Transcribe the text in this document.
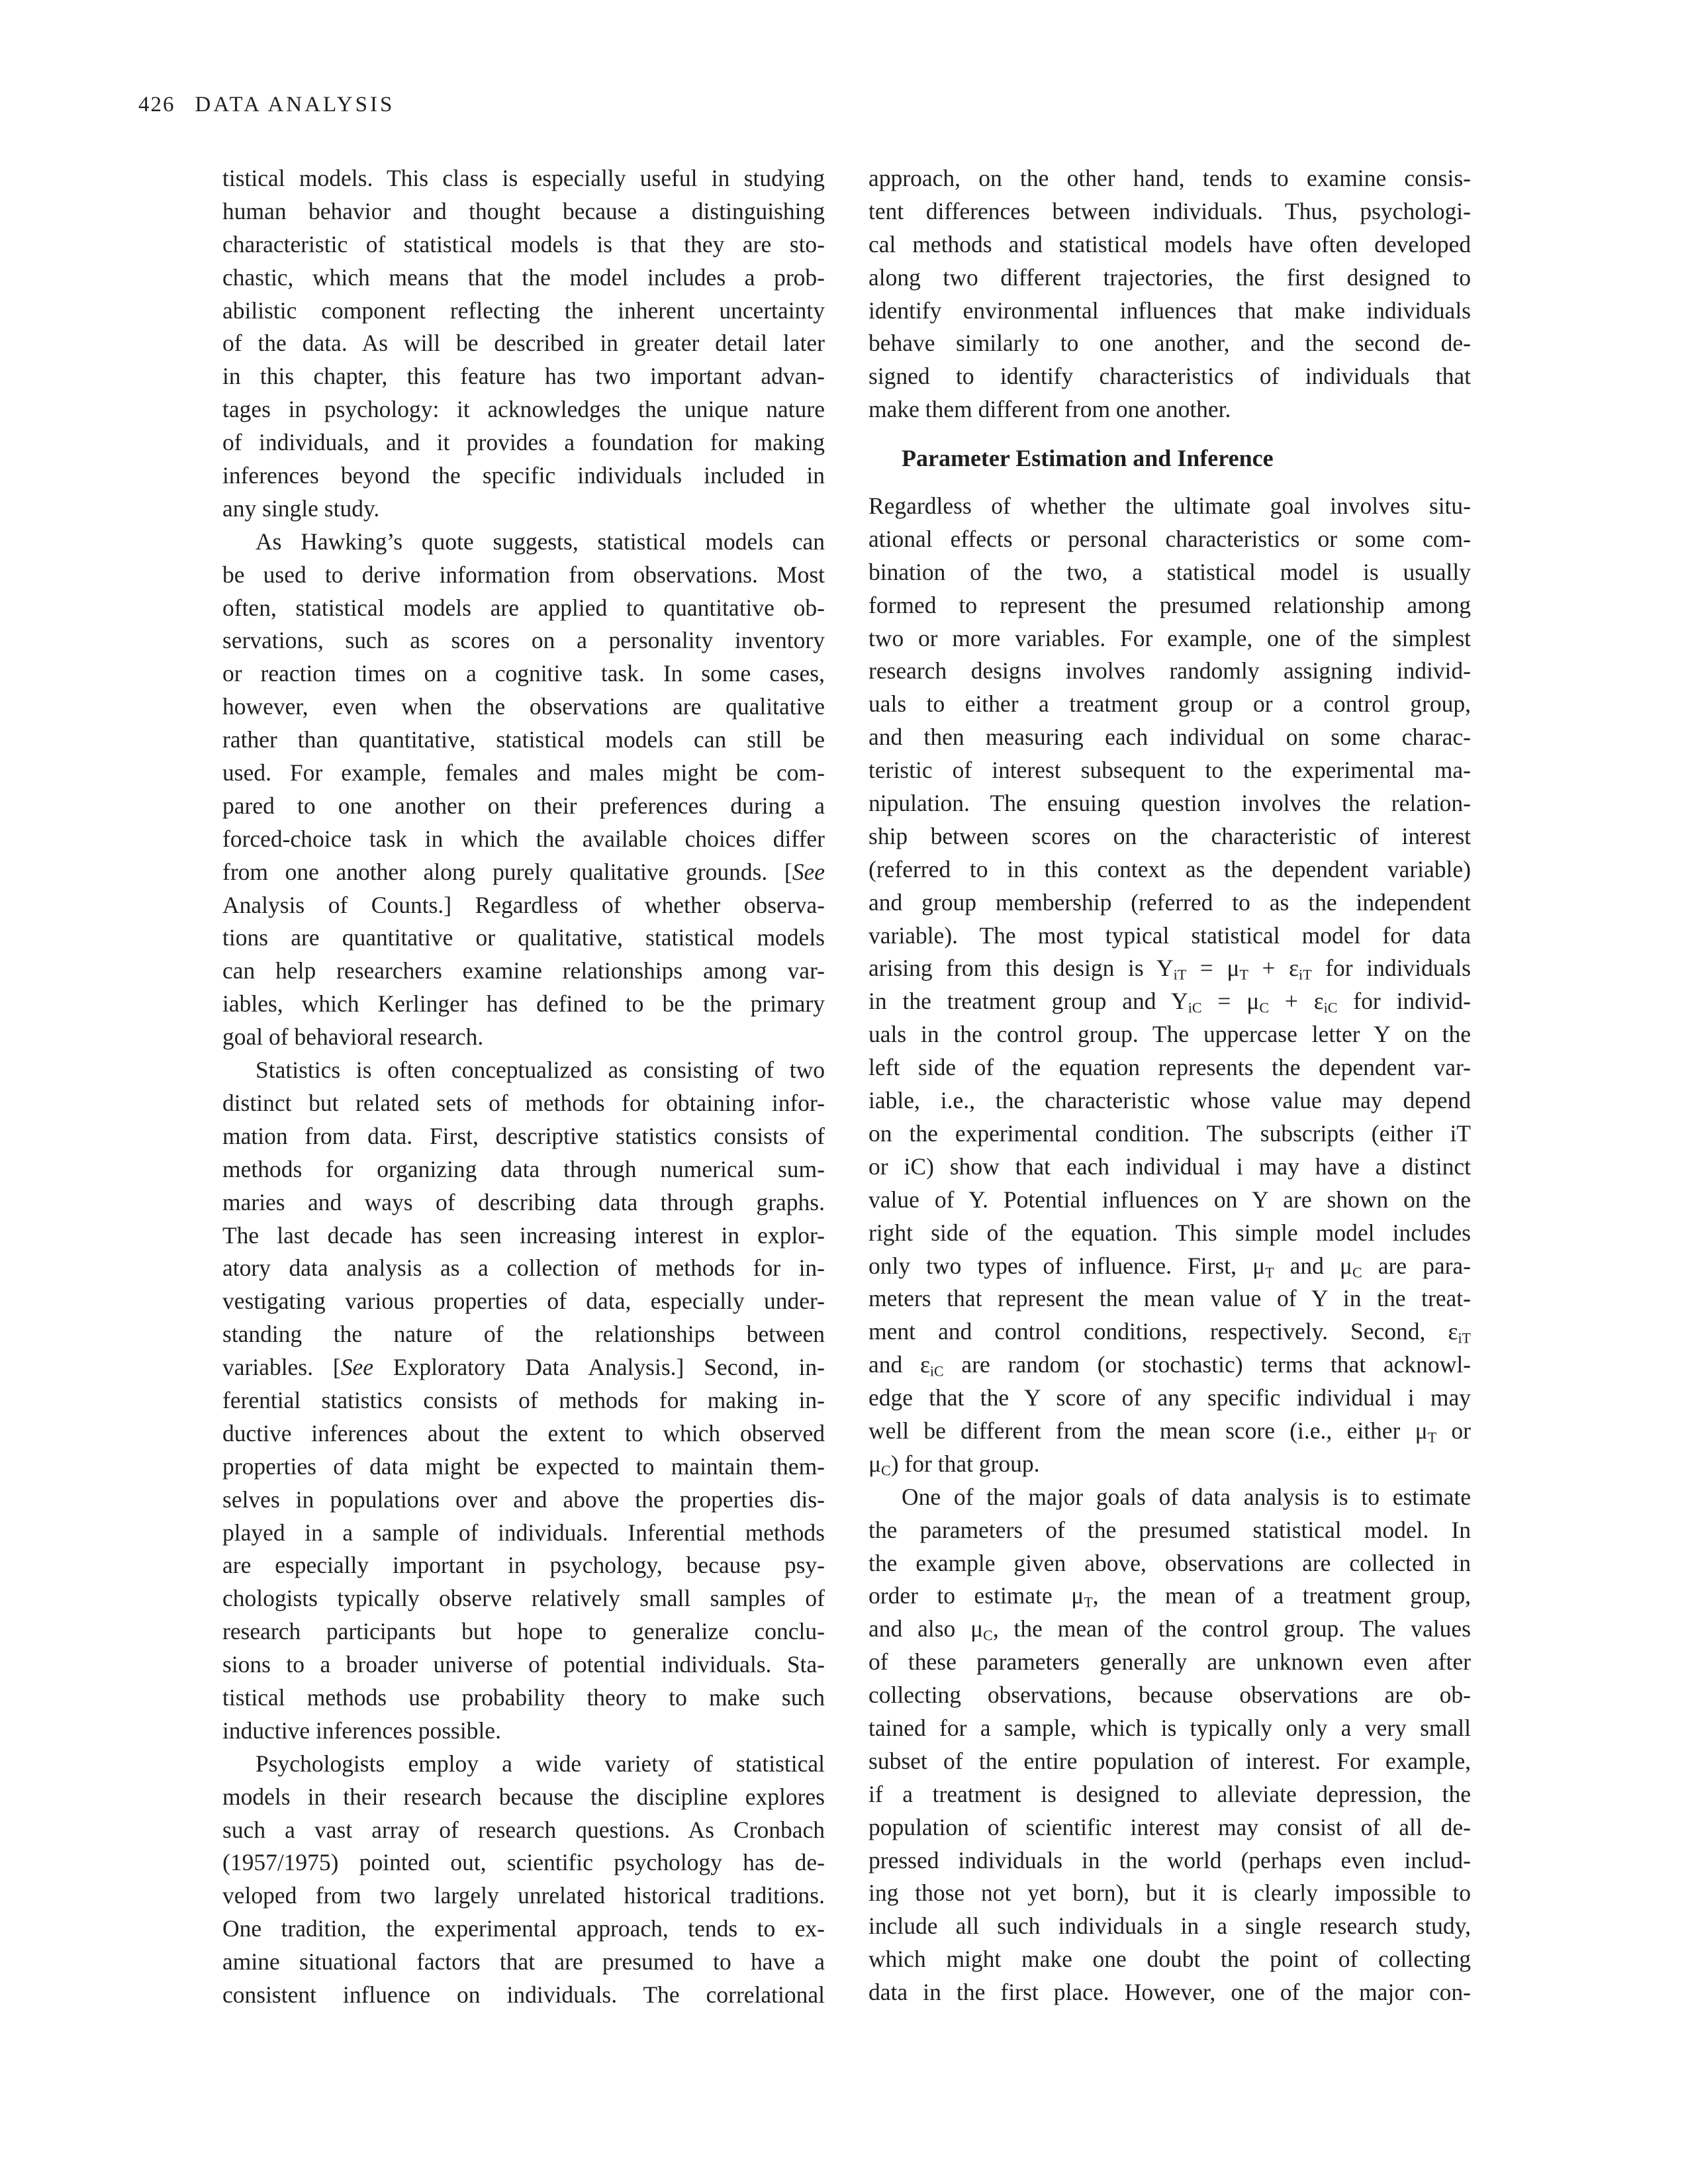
426 DATA ANALYSIS
tistical models. This class is especially useful in studying
human behavior and thought because a distinguishing
characteristic of statistical models is that they are sto-
chastic, which means that the model includes a prob-
abilistic component reflecting the inherent uncertainty
of the data. As will be described in greater detail later
in this chapter, this feature has two important advan-
tages in psychology: it acknowledges the unique nature
of individuals, and it provides a foundation for making
inferences beyond the specific individuals included in
any single study.
As Hawking’s quote suggests, statistical models can
be used to derive information from observations. Most
often, statistical models are applied to quantitative ob-
servations, such as scores on a personality inventory
or reaction times on a cognitive task. In some cases,
however, even when the observations are qualitative
rather than quantitative, statistical models can still be
used. For example, females and males might be com-
pared to one another on their preferences during a
forced-choice task in which the available choices differ
from one another along purely qualitative grounds. [See
Analysis of Counts.] Regardless of whether observa-
tions are quantitative or qualitative, statistical models
can help researchers examine relationships among var-
iables, which Kerlinger has defined to be the primary
goal of behavioral research.
Statistics is often conceptualized as consisting of two
distinct but related sets of methods for obtaining infor-
mation from data. First, descriptive statistics consists of
methods for organizing data through numerical sum-
maries and ways of describing data through graphs.
The last decade has seen increasing interest in explor-
atory data analysis as a collection of methods for in-
vestigating various properties of data, especially under-
standing the nature of the relationships between
variables. [See Exploratory Data Analysis.] Second, in-
ferential statistics consists of methods for making in-
ductive inferences about the extent to which observed
properties of data might be expected to maintain them-
selves in populations over and above the properties dis-
played in a sample of individuals. Inferential methods
are especially important in psychology, because psy-
chologists typically observe relatively small samples of
research participants but hope to generalize conclu-
sions to a broader universe of potential individuals. Sta-
tistical methods use probability theory to make such
inductive inferences possible.
Psychologists employ a wide variety of statistical
models in their research because the discipline explores
such a vast array of research questions. As Cronbach
(1957/1975) pointed out, scientific psychology has de-
veloped from two largely unrelated historical traditions.
One tradition, the experimental approach, tends to ex-
amine situational factors that are presumed to have a
consistent influence on individuals. The correlational
approach, on the other hand, tends to examine consis-
tent differences between individuals. Thus, psychologi-
cal methods and statistical models have often developed
along two different trajectories, the first designed to
identify environmental influences that make individuals
behave similarly to one another, and the second de-
signed to identify characteristics of individuals that
make them different from one another.
Parameter Estimation and Inference
Regardless of whether the ultimate goal involves situ-
ational effects or personal characteristics or some com-
bination of the two, a statistical model is usually
formed to represent the presumed relationship among
two or more variables. For example, one of the simplest
research designs involves randomly assigning individ-
uals to either a treatment group or a control group,
and then measuring each individual on some charac-
teristic of interest subsequent to the experimental ma-
nipulation. The ensuing question involves the relation-
ship between scores on the characteristic of interest
(referred to in this context as the dependent variable)
and group membership (referred to as the independent
variable). The most typical statistical model for data
arising from this design is YiT = μT + εiT for individuals
in the treatment group and YiC = μC + εiC for individ-
uals in the control group. The uppercase letter Y on the
left side of the equation represents the dependent var-
iable, i.e., the characteristic whose value may depend
on the experimental condition. The subscripts (either iT
or iC) show that each individual i may have a distinct
value of Y. Potential influences on Y are shown on the
right side of the equation. This simple model includes
only two types of influence. First, μT and μC are para-
meters that represent the mean value of Y in the treat-
ment and control conditions, respectively. Second, εiT
and εiC are random (or stochastic) terms that acknowl-
edge that the Y score of any specific individual i may
well be different from the mean score (i.e., either μT or
μC) for that group.
One of the major goals of data analysis is to estimate
the parameters of the presumed statistical model. In
the example given above, observations are collected in
order to estimate μT, the mean of a treatment group,
and also μC, the mean of the control group. The values
of these parameters generally are unknown even after
collecting observations, because observations are ob-
tained for a sample, which is typically only a very small
subset of the entire population of interest. For example,
if a treatment is designed to alleviate depression, the
population of scientific interest may consist of all de-
pressed individuals in the world (perhaps even includ-
ing those not yet born), but it is clearly impossible to
include all such individuals in a single research study,
which might make one doubt the point of collecting
data in the first place. However, one of the major con-
